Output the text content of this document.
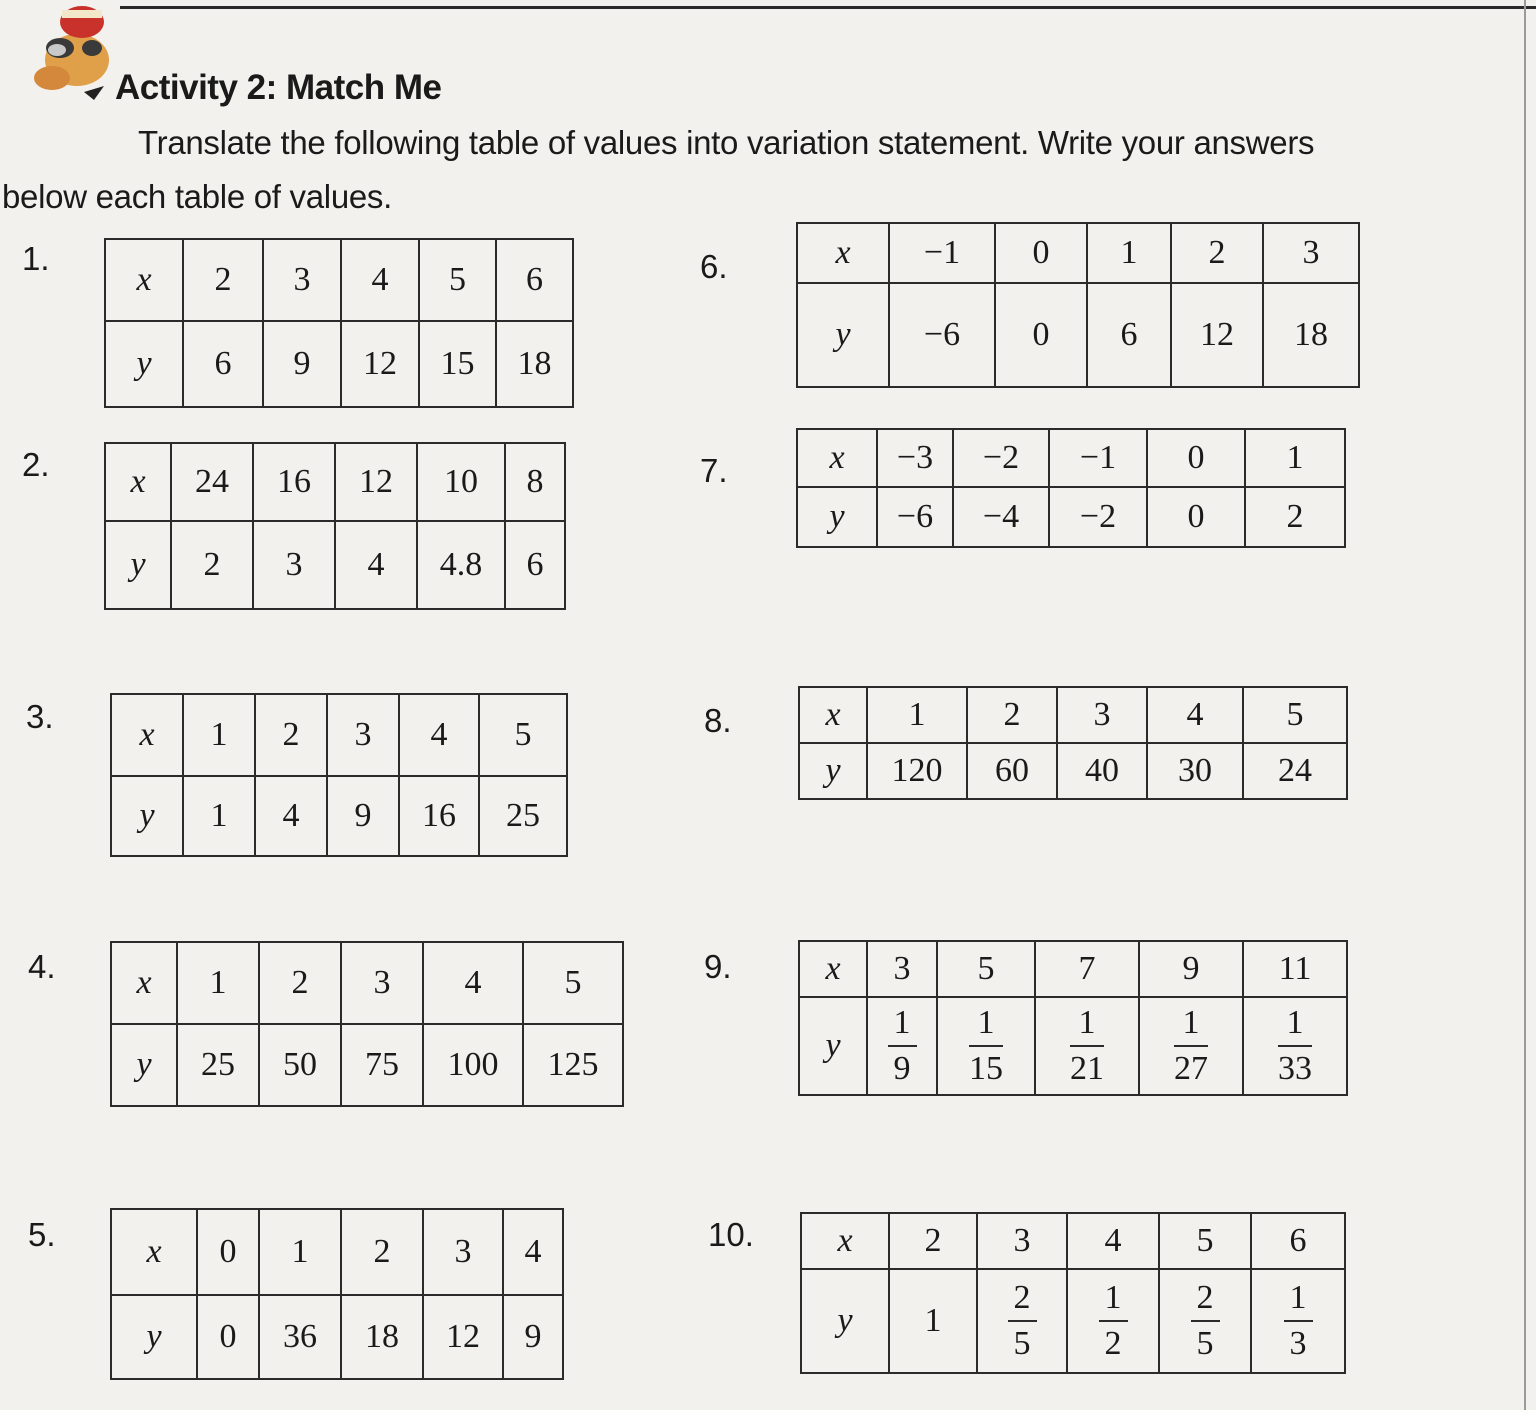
Activity 2: Match Me
Translate the following table of values into variation statement. Write your answers
below each table of values.
1.
x	2	3	4	5	6
y	6	9	12	15	18
2. x	24	16	12	10	8
y	2	3	4	4.8	6
3.	x	1	2	3	4	5
y	1	4	9	16	25
4. x	1	2	3	4	5
y	25	50	75	100	125
5.	x	0	1	2	3	4
y	0	36	18	12	9
6.	x	−1	0	1	2	3
y	−6	0	6	12	18
7.	x	−3	−2	−1	0	1
y	−6	−4	−2	0	2
8.	x	1	2	3	4	5
y	120	60	40	30	24
9.	x	3	5	7	9	11
y	$\frac{1}{9}$	$\frac{1}{15}$	$\frac{1}{21}$	$\frac{1}{27}$	$\frac{1}{33}$
10. x	2	3	4	5	6
y	1	$\frac{2}{5}$	$\frac{1}{2}$	$\frac{2}{5}$	$\frac{1}{3}$
